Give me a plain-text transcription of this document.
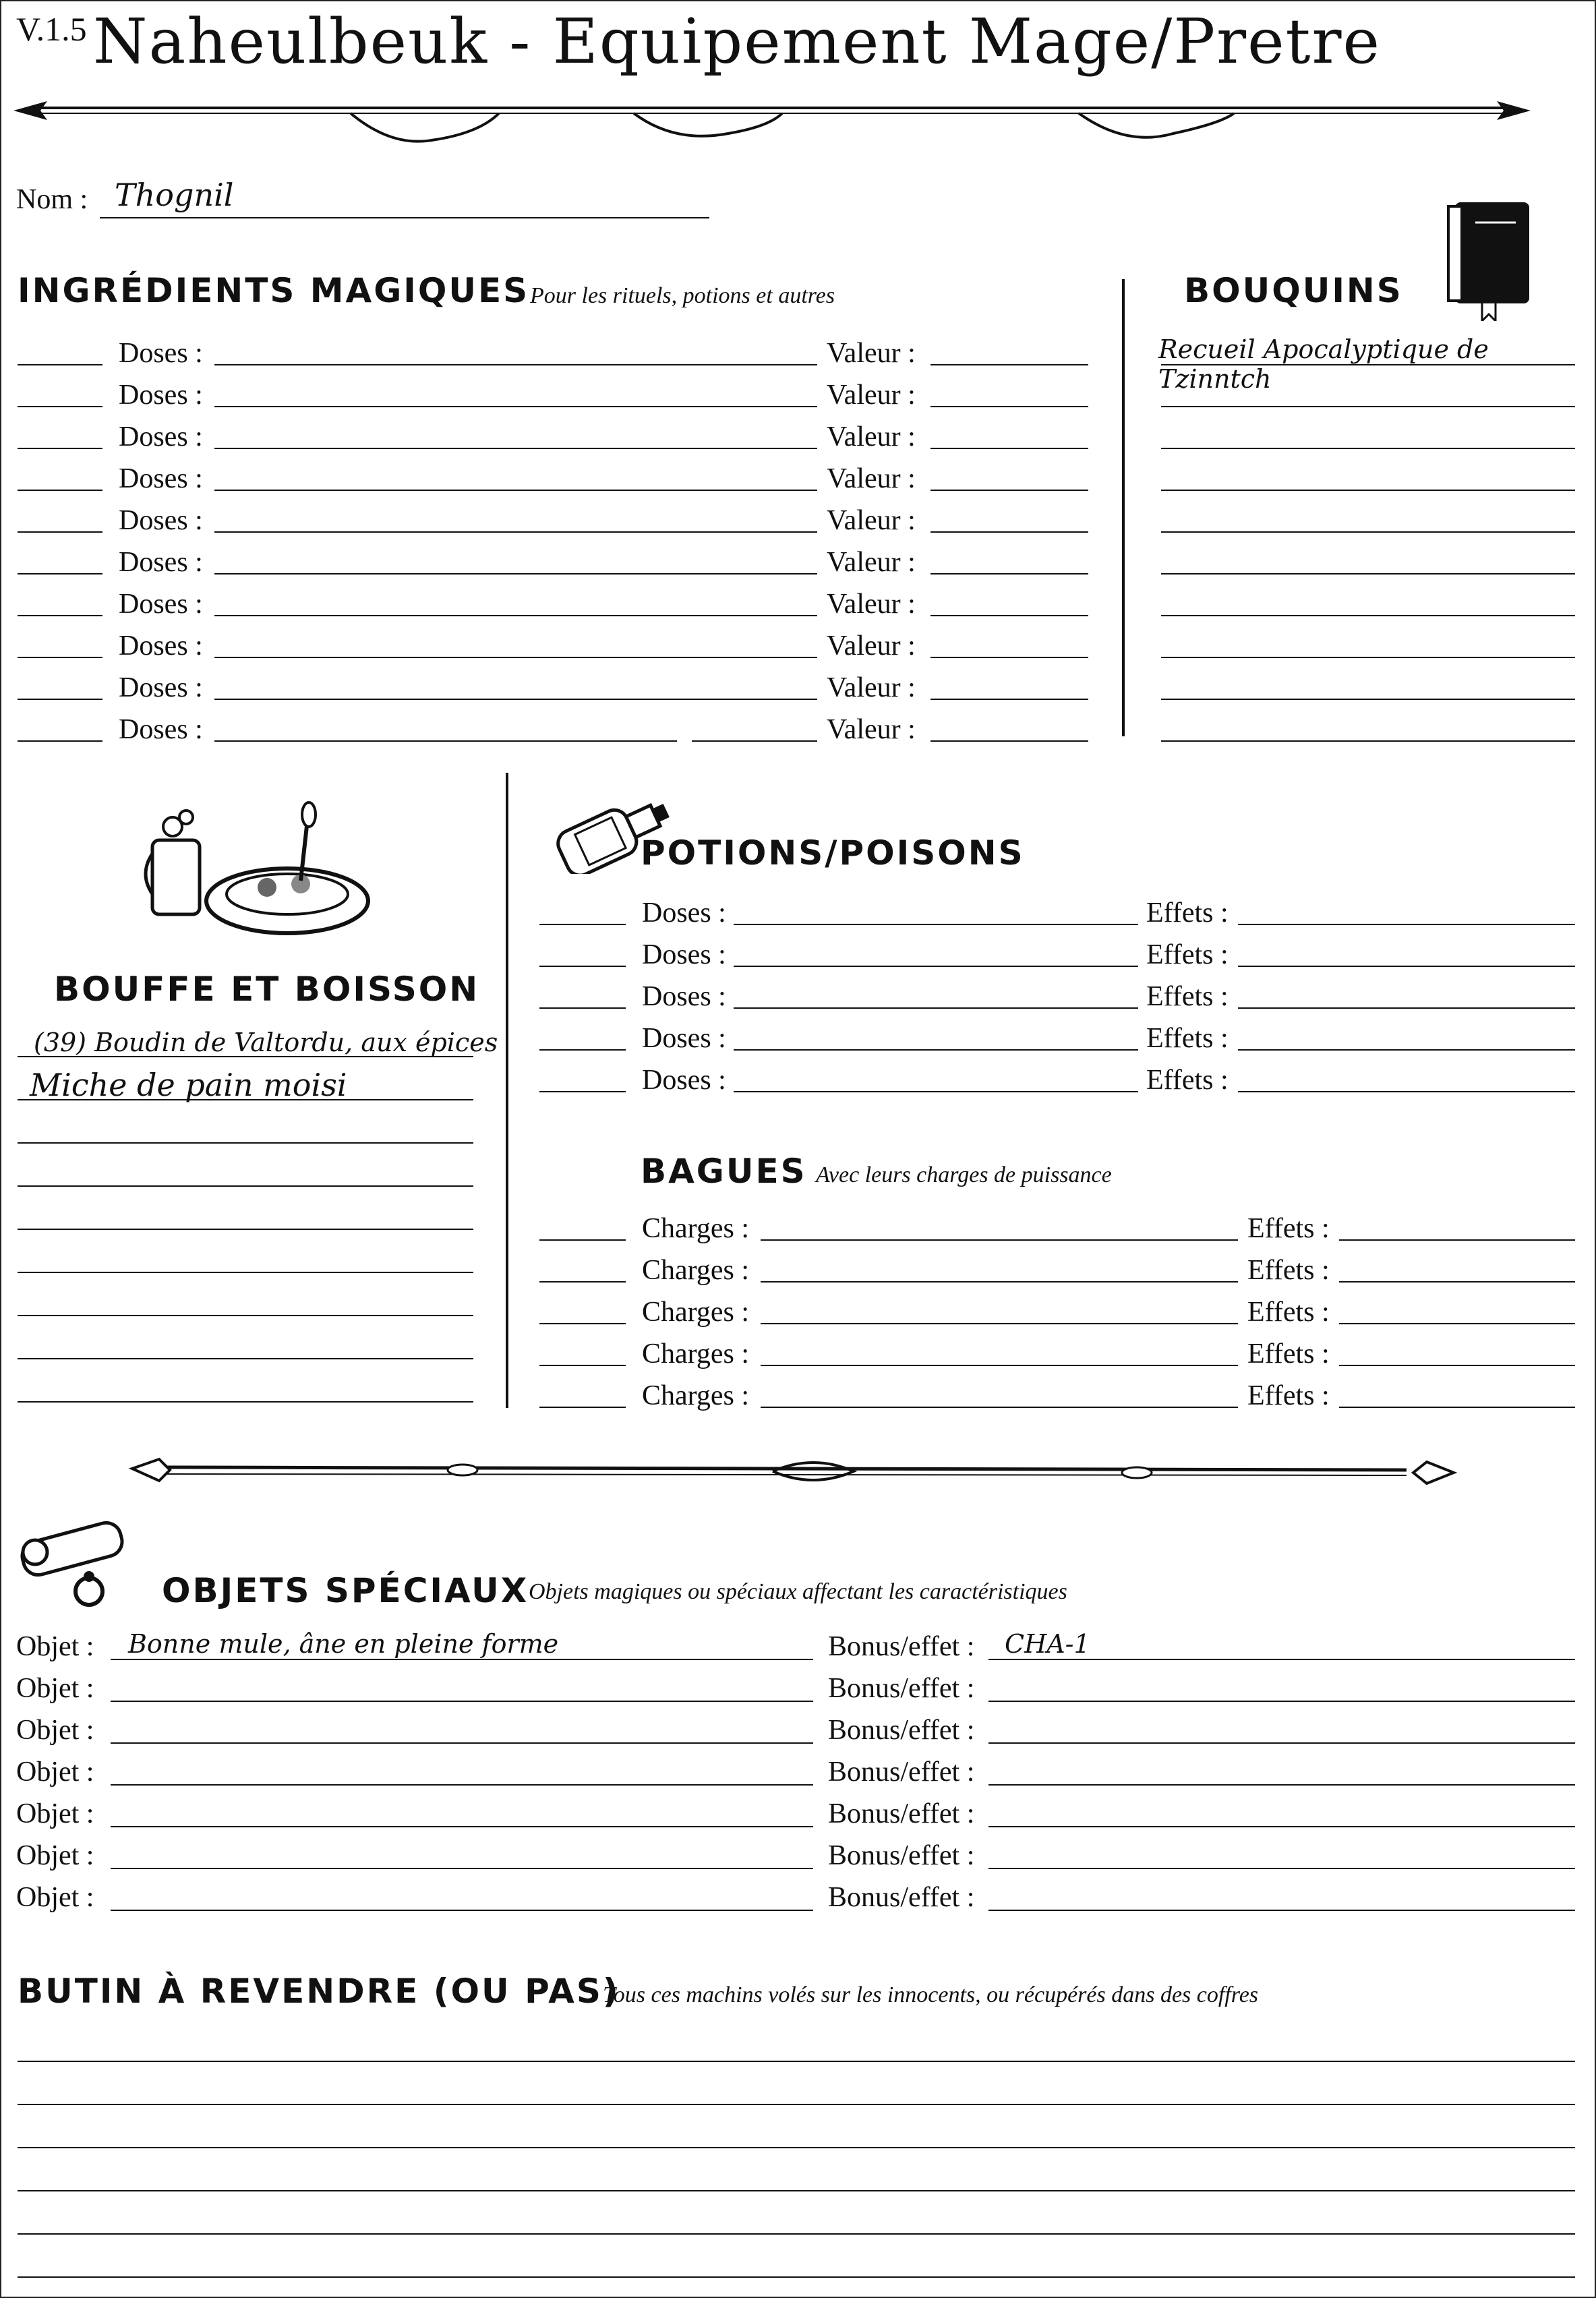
V.1.5 Naheulbeuk - Equipement Mage/Pretre
Nom : Thognil
INGRÉDIENTS MAGIQUES Pour les rituels, potions et autres
Doses :	Valeur :
Doses :	Valeur :
Doses :	Valeur :
Doses :	Valeur :
Doses :	Valeur :
Doses :	Valeur :
Doses :	Valeur :
Doses :	Valeur :
Doses :	Valeur :
Doses :	Valeur :
BOUQUINS
Recueil Apocalyptique de Tzinntch
BOUFFE ET BOISSON
(39) Boudin de Valtordu, aux épices
Miche de pain moisi
POTIONS/POISONS
Doses :	Effets :
Doses :	Effets :
Doses :	Effets :
Doses :	Effets :
Doses :	Effets :
BAGUES Avec leurs charges de puissance
Charges :	Effets :
Charges :	Effets :
Charges :	Effets :
Charges :	Effets :
Charges :	Effets :
OBJETS SPÉCIAUX Objets magiques ou spéciaux affectant les caractéristiques
Bonne mule, âne en pleine forme	CHA-1
Objet :	Bonus/effet :
Objet :	Bonus/effet :
Objet :	Bonus/effet :
Objet :	Bonus/effet :
Objet :	Bonus/effet :
Objet :	Bonus/effet :
Objet :	Bonus/effet :
BUTIN À REVENDRE (OU PAS)
Tous ces machins volés sur les innocents, ou récupérés dans des coffres
